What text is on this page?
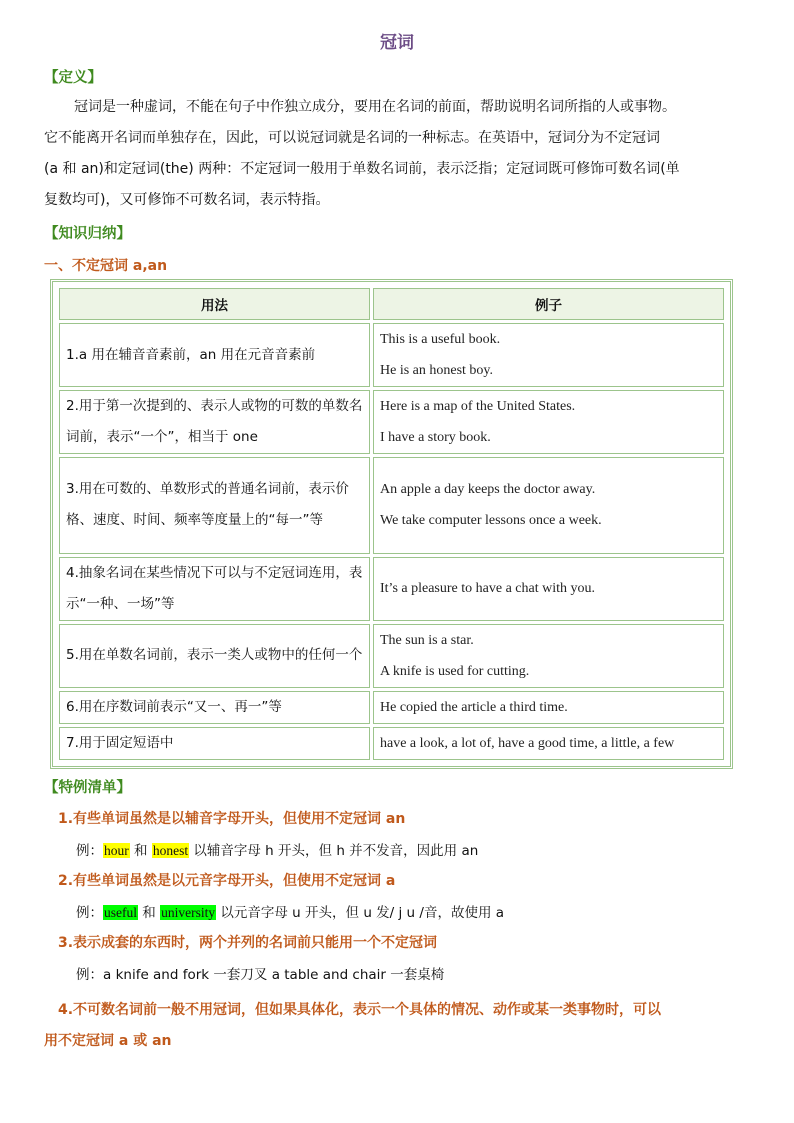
冠词
【定义】
冠词是一种虚词，不能在句子中作独立成分，要用在名词的前面，帮助说明名词所指的人或事物。
它不能离开名词而单独存在，因此，可以说冠词就是名词的一种标志。在英语中，冠词分为不定冠词
(a 和 an)和定冠词(the) 两种：不定冠词一般用于单数名词前，表示泛指；定冠词既可修饰可数名词(单
复数均可)，又可修饰不可数名词，表示特指。
【知识归纳】
一、不定冠词 a,an
用法	例子
1.a 用在辅音音素前，an 用在元音音素前	This is a useful book.
He is an honest boy.

2.用于第一次提到的、表示人或物的可数的单数名词前，表示“一个”，相当于 one	Here is a map of the United States.
I have a story book.

3.用在可数的、单数形式的普通名词前，表示价格、速度、时间、频率等度量上的“每一”等	An apple a day keeps the doctor away.
We take computer lessons once a week.

4.抽象名词在某些情况下可以与不定冠词连用，表示“一种、一场”等	It’s a pleasure to have a chat with you.

5.用在单数名词前，表示一类人或物中的任何一个	The sun is a star.
A knife is used for cutting.

6.用在序数词前表示“又一、再一”等	He copied the article a third time.
7.用于固定短语中	have a look, a lot of, have a good time, a little, a few
【特例清单】
1.有些单词虽然是以辅音字母开头，但使用不定冠词 an
例：hour 和 honest 以辅音字母 h 开头，但 h 并不发音，因此用 an
2.有些单词虽然是以元音字母开头，但使用不定冠词 a
例：useful 和 university 以元音字母 u 开头，但 u 发/ j u /音，故使用 a
3.表示成套的东西时，两个并列的名词前只能用一个不定冠词
例：a knife and fork 一套刀叉 a table and chair 一套桌椅
4.不可数名词前一般不用冠词，但如果具体化，表示一个具体的情况、动作或某一类事物时，可以
用不定冠词 a 或 an
